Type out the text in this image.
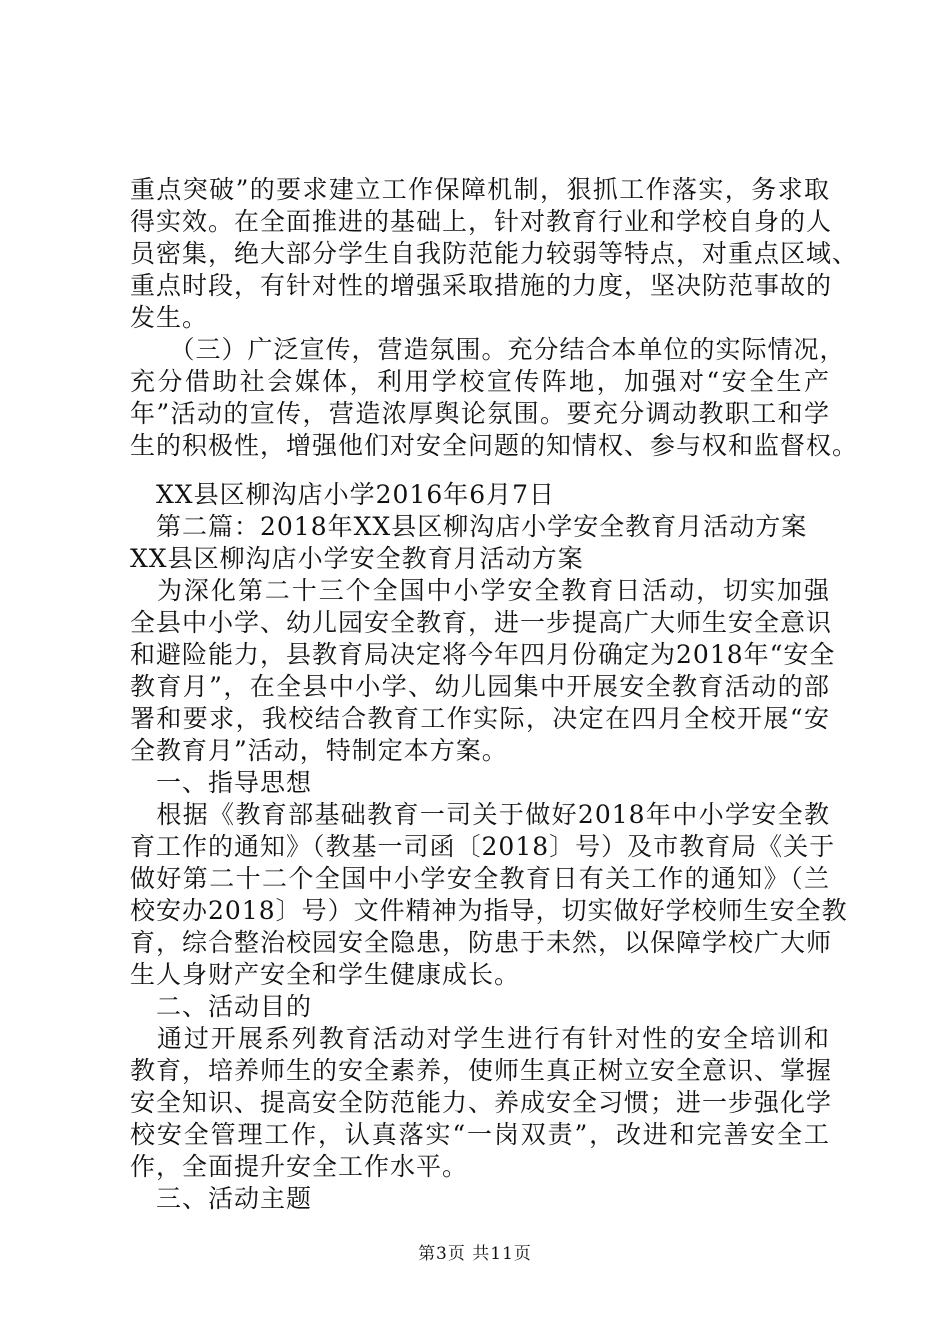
重点突破”的要求建立工作保障机制，狠抓工作落实，务求取
得实效。在全面推进的基础上，针对教育行业和学校自身的人
员密集，绝大部分学生自我防范能力较弱等特点，对重点区域、
重点时段，有针对性的增强采取措施的力度，坚决防范事故的
发生。
　　（三）广泛宣传，营造氛围。充分结合本单位的实际情况，
充分借助社会媒体，利用学校宣传阵地，加强对“安全生产
年”活动的宣传，营造浓厚舆论氛围。要充分调动教职工和学
生的积极性，增强他们对安全问题的知情权、参与权和监督权。
　XX县区柳沟店小学2016年6月7日
　第二篇：2018年XX县区柳沟店小学安全教育月活动方案
XX县区柳沟店小学安全教育月活动方案
　为深化第二十三个全国中小学安全教育日活动，切实加强
全县中小学、幼儿园安全教育，进一步提高广大师生安全意识
和避险能力，县教育局决定将今年四月份确定为2018年“安全
教育月”，在全县中小学、幼儿园集中开展安全教育活动的部
署和要求，我校结合教育工作实际，决定在四月全校开展“安
全教育月”活动，特制定本方案。
　一、指导思想
　根据《教育部基础教育一司关于做好2018年中小学安全教
育工作的通知》（教基一司函〔2018〕号）及市教育局《关于
做好第二十二个全国中小学安全教育日有关工作的通知》（兰
校安办2018〕号）文件精神为指导，切实做好学校师生安全教
育，综合整治校园安全隐患，防患于未然，以保障学校广大师
生人身财产安全和学生健康成长。
　二、活动目的
　通过开展系列教育活动对学生进行有针对性的安全培训和
教育，培养师生的安全素养，使师生真正树立安全意识、掌握
安全知识、提高安全防范能力、养成安全习惯；进一步强化学
校安全管理工作，认真落实“一岗双责”，改进和完善安全工
作，全面提升安全工作水平。
　三、活动主题
第3页 共11页
